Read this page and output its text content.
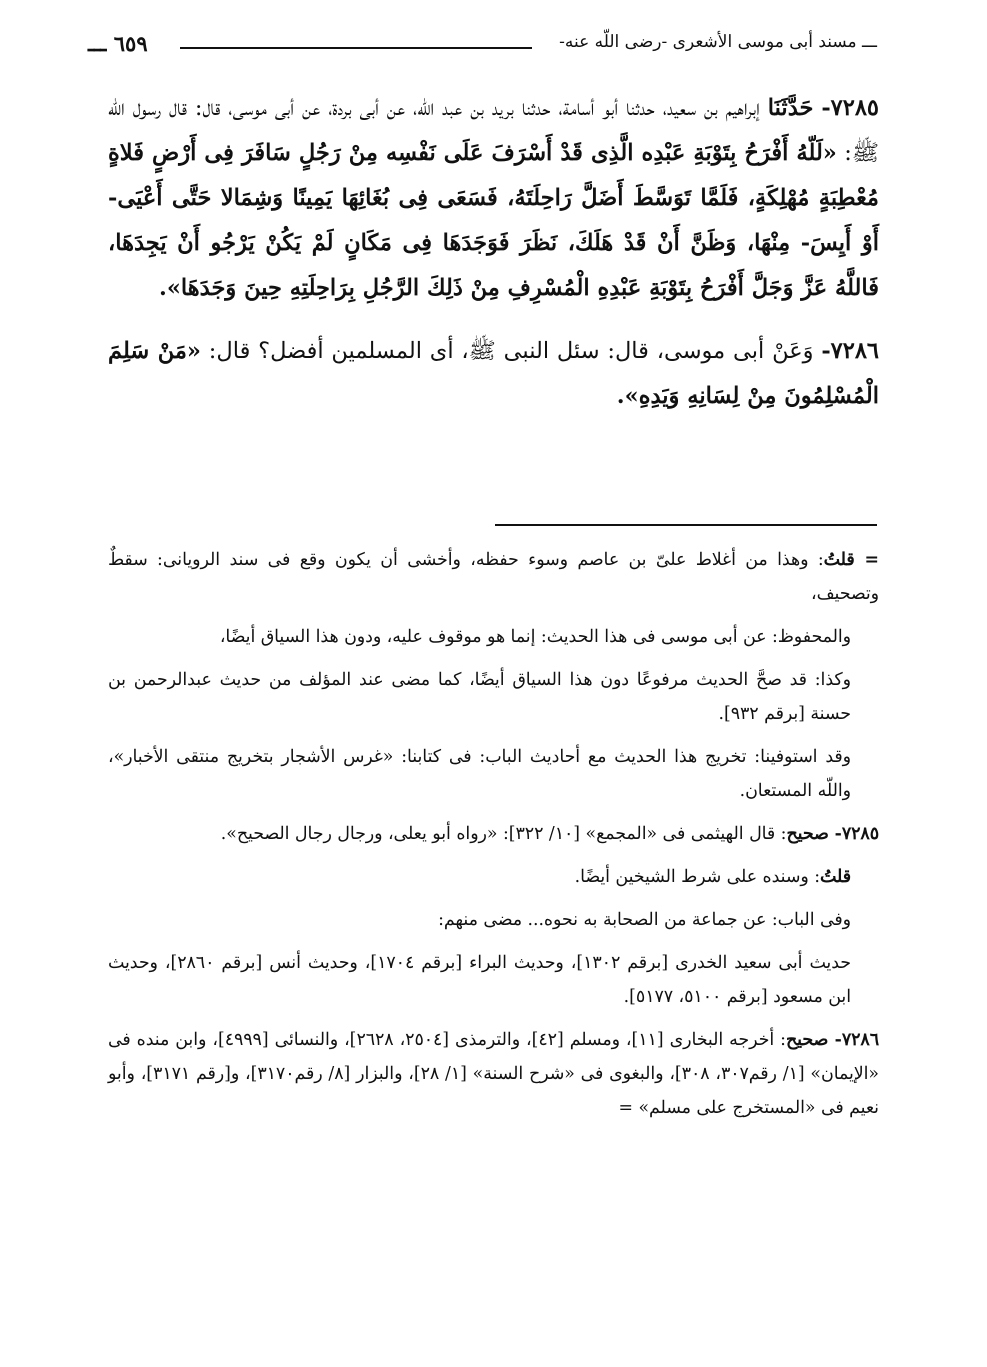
ـــ مسند أبى موسى الأشعرى -رضى اللّه عنه-
٦٥٩ ـــ

٧٢٨٥- حَدَّثَنَا إبراهيم بن سعيد، حدثنا أبو أسامة، حدثنا بريد بن عبد اللّه، عن أبى بردة، عن أبى موسى، قال: قال رسول اللّه ﷺ: «لَلّهُ أَفْرَحُ بِتَوْبَةِ عَبْدِه الَّذِى قَدْ أَسْرَفَ عَلَى نَفْسِه مِنْ رَجُلٍ سَافَرَ فِى أَرْضٍ فَلاةٍ مُعْطِبَةٍ مُهْلِكَةٍ، فَلَمَّا تَوَسَّطَ أَضَلَّ رَاحِلَتَهُ، فَسَعَى فِى بُغَائِهَا يَمِينًا وَشِمَالا حَتَّى أَعْيَى- أَوْ أَيِسَ- مِنْهَا، وَظَنَّ أَنْ قَدْ هَلَكَ، نَظَرَ فَوَجَدَهَا فِى مَكَانٍ لَمْ يَكُنْ يَرْجُو أَنْ يَجِدَهَا، فَاللَّهُ عَزَّ وَجَلَّ أَفْرَحُ بِتَوْبَةِ عَبْدِهِ الْمُسْرِفِ مِنْ ذَلِكَ الرَّجُلِ بِرَاحِلَتِهِ حِينَ وَجَدَهَا».

٧٢٨٦- وَعَنْ أبى موسى، قال: سئل النبى ﷺ، أى المسلمين أفضل؟ قال: «مَنْ سَلِمَ الْمُسْلِمُونَ مِنْ لِسَانِهِ وَيَدِهِ».

= قلتُ: وهذا من أغلاط علىّ بن عاصم وسوء حفظه، وأخشى أن يكون وقع فى سند الرويانى: سقطٌ وتصحيف،

والمحفوظ: عن أبى موسى فى هذا الحديث: إنما هو موقوف عليه، ودون هذا السياق أيضًا،

وكذا: قد صحَّ الحديث مرفوعًا دون هذا السياق أيضًا، كما مضى عند المؤلف من حديث عبدالرحمن بن حسنة [برقم ٩٣٢].

وقد استوفينا: تخريج هذا الحديث مع أحاديث الباب: فى كتابنا: «غرس الأشجار بتخريج منتقى الأخبار»، واللّه المستعان.

٧٢٨٥- صحيح: قال الهيثمى فى «المجمع» [١٠/ ٣٢٢]: «رواه أبو يعلى، ورجال رجال الصحيح».

قلتُ: وسنده على شرط الشيخين أيضًا.

وفى الباب: عن جماعة من الصحابة به نحوه... مضى منهم:

حديث أبى سعيد الخدرى [برقم ١٣٠٢]، وحديث البراء [برقم ١٧٠٤]، وحديث أنس [برقم ٢٨٦٠]، وحديث ابن مسعود [برقم ٥١٠٠، ٥١٧٧].

٧٢٨٦- صحيح: أخرجه البخارى [١١]، ومسلم [٤٢]، والترمذى [٢٥٠٤، ٢٦٢٨]، والنسائى [٤٩٩٩]، وابن منده فى «الإيمان» [١/ رقم٣٠٧، ٣٠٨]، والبغوى فى «شرح السنة» [١/ ٢٨]، والبزار [٨/ رقم٣١٧٠]، و[رقم ٣١٧١]، وأبو نعيم فى «المستخرج على مسلم» =
